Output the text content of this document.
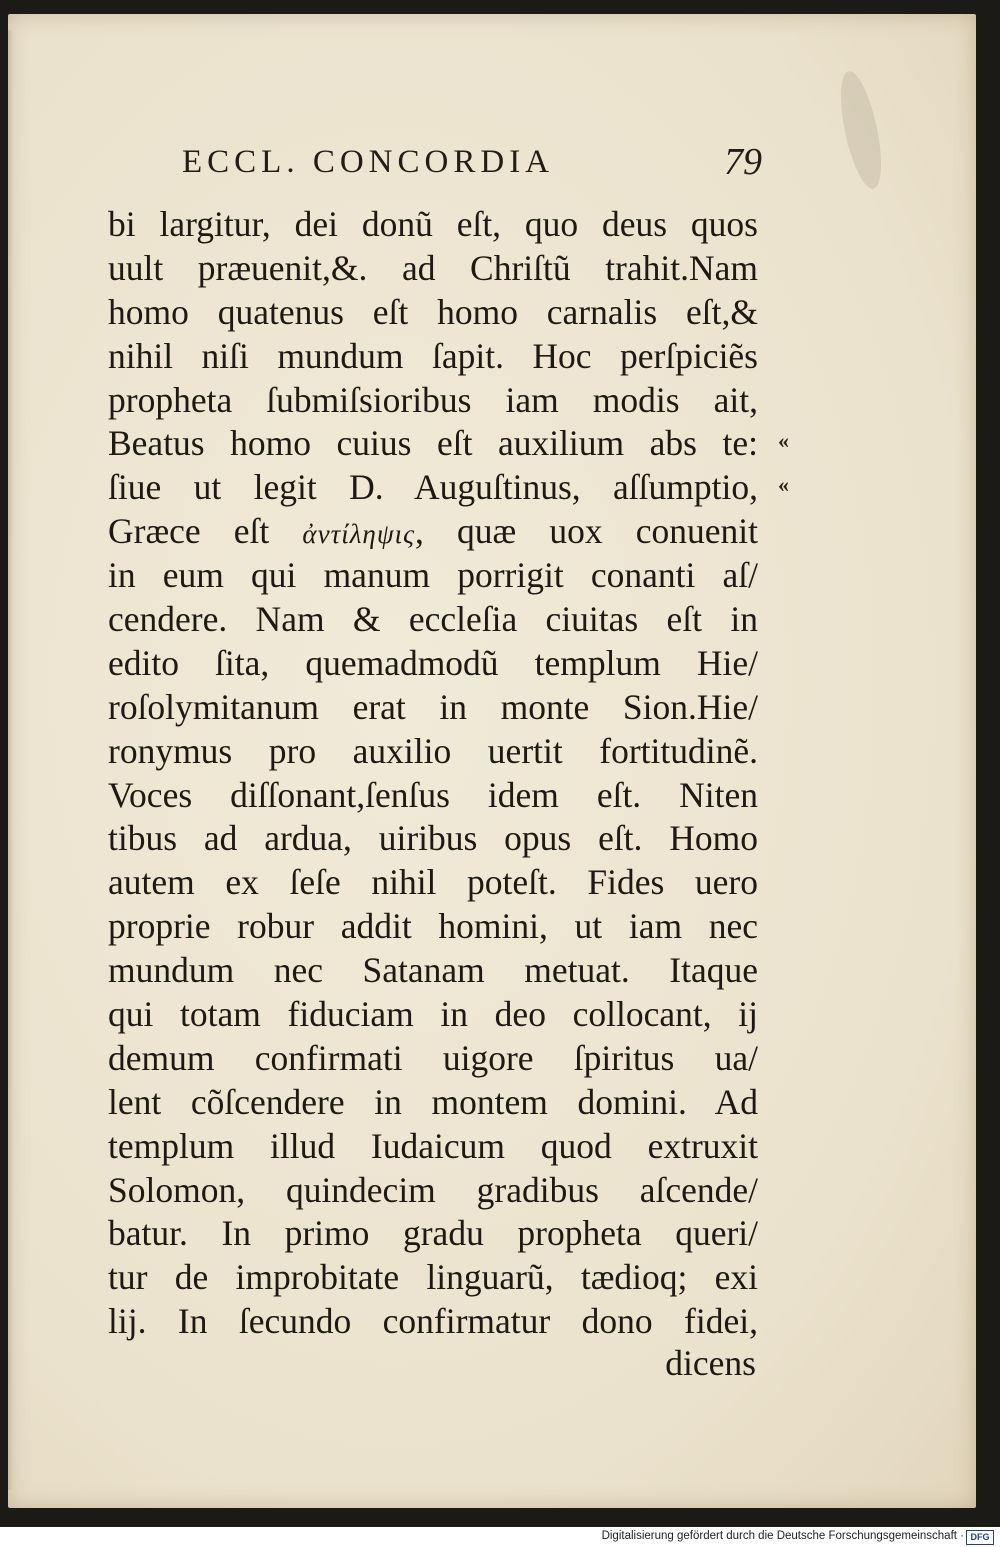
ECCL. CONCORDIA	79
bi largitur, dei donũ eſt, quo deus quos
uult præuenit,&. ad Chriſtũ trahit.Nam
homo quatenus eſt homo carnalis eſt,&
nihil niſi mundum ſapit. Hoc perſpiciẽs
propheta ſubmiſsioribus iam modis ait,
Beatus homo cuius eſt auxilium abs te:
ſiue ut legit D. Auguſtinus, aſſumptio,
Græce eſt ἀντίληψις, quæ uox conuenit
in eum qui manum porrigit conanti aſ/
cendere. Nam & eccleſia ciuitas eſt in
edito ſita, quemadmodũ templum Hie/
roſolymitanum erat in monte Sion.Hie/
ronymus pro auxilio uertit fortitudinẽ.
Voces diſſonant,ſenſus idem eſt. Niten
tibus ad ardua, uiribus opus eſt. Homo
autem ex ſeſe nihil poteſt. Fides uero
proprie robur addit homini, ut iam nec
mundum nec Satanam metuat. Itaque
qui totam fiduciam in deo collocant, ij
demum confirmati uigore ſpiritus ua/
lent cõſcendere in montem domini. Ad
templum illud Iudaicum quod extruxit
Solomon, quindecim gradibus aſcende/
batur. In primo gradu propheta queri/
tur de improbitate linguarũ, tædioq; exi
lij. In ſecundo confirmatur dono fidei,
dicens
«
«
Digitalisierung gefördert durch die Deutsche Forschungsgemeinschaft · DFG
